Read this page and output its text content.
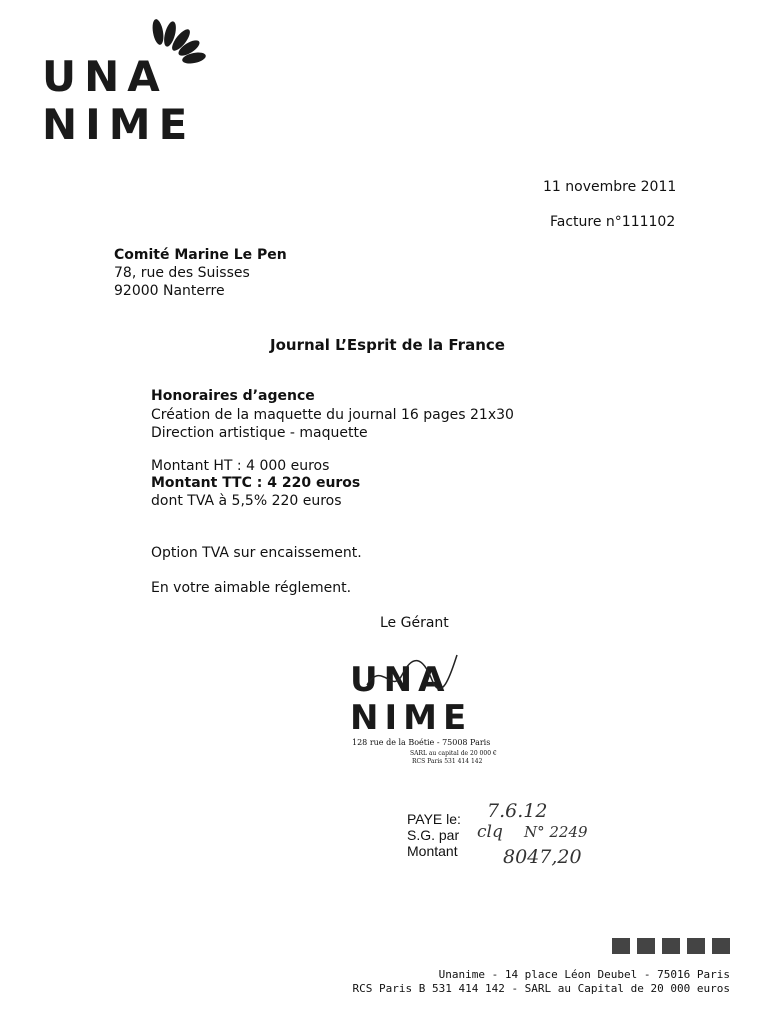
UNA
NIME
11 novembre 2011
Facture n°111102
Comité Marine Le Pen
78, rue des Suisses
92000 Nanterre
Journal L’Esprit de la France
Honoraires d’agence
Création de la maquette du journal 16 pages 21x30
Direction artistique - maquette
Montant HT : 4 000 euros
Montant TTC : 4 220 euros
dont TVA à 5,5% 220 euros
Option TVA sur encaissement.
En votre aimable réglement.
Le Gérant
UNA
NIME
128 rue de la Boétie - 75008 Paris
SARL au capital de 20 000 €
RCS Paris 531 414 142
PAYE le:
S.G. par
Montant
7.6.12
clq N° 2249
8047,20
Unanime - 14 place Léon Deubel - 75016 Paris
RCS Paris B 531 414 142 - SARL au Capital de 20 000 euros
